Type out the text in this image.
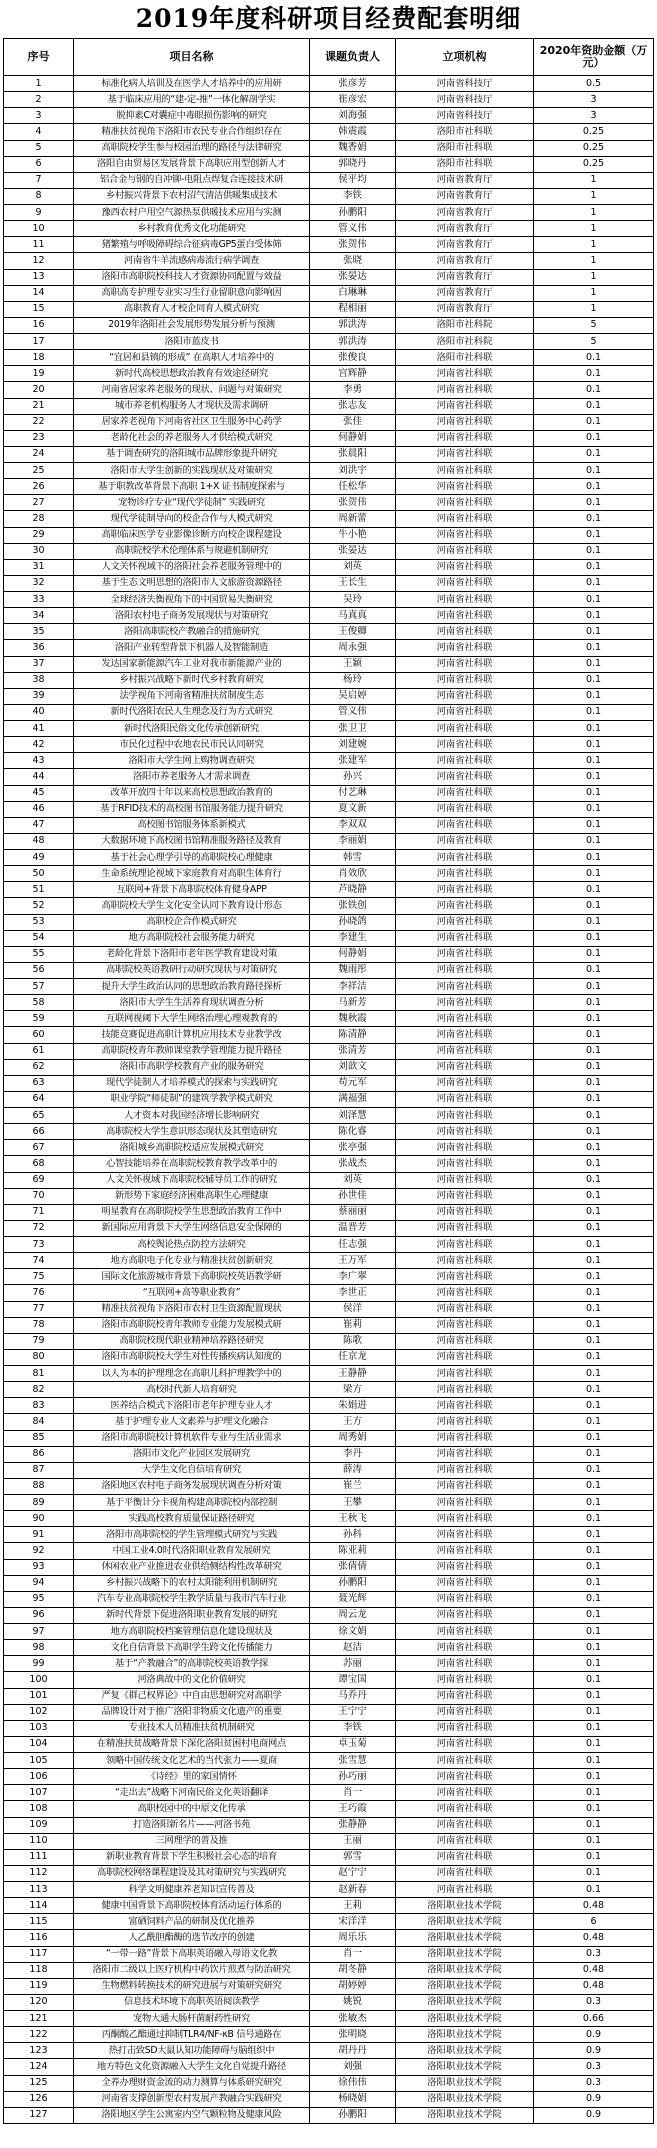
2019年度科研项目经费配套明细
序号	项目名称	课题负责人	立项机构	2020年资助金额（万元）
1	标准化病人培训及在医学人才培养中的应用研	张彦芳	河南省科技厅	0.5
2	基于临床应用的“建-定-推”一体化解剖学实	崔彦宏	河南省科技厅	3
3	脱抑素C对囊症中毒眼损伤影响的研究	刘海强	河南省科技厅	3
4	精准扶贫视角下洛阳市农民专业合作组织存在	韩震霞	洛阳市社科联	0.25
5	高职院校学生参与校园治理的路径与法律研究	魏香娟	洛阳市社科联	0.25
6	洛阳自由贸易区发展背景下高职应用型创新人才	郭晓丹	洛阳市社科联	0.25
7	铝合金与钢的自冲铆-电阻点焊复合连接技术研	侯平均	河南省教育厅	1
8	乡村振兴背景下农村沼气清洁供暖集成技术	李铁	河南省教育厅	1
9	豫西农村户用空气源热泵供暖技术应用与实测	孙鹏阳	河南省教育厅	1
10	乡村教育优秀文化功能研究	管义伟	河南省教育厅	1
11	猪繁殖与呼吸障碍综合征病毒GP5蛋白受体筛	张贺伟	河南省教育厅	1
12	河南省牛羊流感病毒流行病学调查	张晓	河南省教育厅	1
13	洛阳市高职院校科技人才资源协同配置与效益	张晏达	河南省教育厅	1
14	高职高专护理专业实习生行业留职意向影响因	白琳琳	河南省教育厅	1
15	高职教育人才校企同育人模式研究	程相丽	河南省教育厅	1
16	2019年洛阳社会发展形势发展分析与预测	郭洪涛	洛阳市社科院	5
17	洛阳市蓝皮书	郭洪涛	洛阳市社科院	5
18	“宜居和县镇的形成” 在高职人才培养中的	张俊良	洛阳市社科联	0.1
19	新时代高校思想政治教育有效途径研究	宫辉静	河南省社科联	0.1
20	河南省居家养老服务的现状、问题与对策研究	李勇	河南省社科联	0.1
21	城市养老机构服务人才现状及需求调研	张志友	河南省社科联	0.1
22	居家养老视角下河南省社区卫生服务中心药学	张佳	河南省社科联	0.1
23	老龄化社会的养老服务人才供给模式研究	何静娟	河南省社科联	0.1
24	基于调查研究的洛阳城市品牌形象提升研究	张晨阳	河南省社科联	0.1
25	洛阳市大学生创新的实践现状及对策研究	刘洪宇	河南省社科联	0.1
26	基于职教改革背景下高职 1+X 证书制度探索与	任松华	河南省社科联	0.1
27	宠物诊疗专业“现代学徒制” 实践研究	张贺伟	河南省社科联	0.1
28	现代学徒制导向的校企合作与人模式研究	周新蕾	河南省社科联	0.1
29	高职临床医学专业影像诊断方向校企课程建设	牛小艳	河南省社科联	0.1
30	高职院校学术伦理体系与规避机制研究	张晏达	河南省社科联	0.1
31	人文关怀视域下的洛阳社会养老服务管理中的	刘英	河南省社科联	0.1
32	基于生态文明思想的洛阳市人文旅游资源路径	王长生	河南省社科联	0.1
33	全球经济失衡视角下的中国贸易失衡研究	吴玲	河南省社科联	0.1
34	洛阳农村电子商务发展现状与对策研究	马真真	河南省社科联	0.1
35	洛阳高职院校产教融合的措施研究	王俊卿	河南省社科联	0.1
36	洛阳产业转型背景下机器人及智能制造	周永强	河南省社科联	0.1
37	发达国家新能源汽车工业对我市新能源产业的	王颖	河南省社科联	0.1
38	乡村振兴战略下新时代乡村教育研究	杨玲	河南省社科联	0.1
39	法学视角下河南省精准扶贫制度生态	吴启婷	河南省社科联	0.1
40	新时代洛阳农民人生理念及行为方式研究	管义伟	河南省社科联	0.1
41	新时代洛阳民俗文化传承创新研究	张卫卫	河南省社科联	0.1
42	市民化过程中农地农民市民认同研究	刘建婉	河南省社科联	0.1
43	洛阳市大学生网上购物调查研究	张建军	河南省社科联	0.1
44	洛阳市养老服务人才需求调查	孙兴	河南省社科联	0.1
45	改革开放四十年以来高校思想政治教育的	付艺琳	河南省社科联	0.1
46	基于RFID技术的高校图书馆服务能力提升研究	夏文新	河南省社科联	0.1
47	高校图书馆服务体系新模式	李双双	河南省社科联	0.1
48	大数据环境下高校图书馆精准服务路径及教育	李丽娟	河南省社科联	0.1
49	基于社会心理学引导的高职院校心理健康	韩雪	河南省社科联	0.1
50	生命系统理论视域下家庭教育对高职生体育行	肖效欣	河南省社科联	0.1
51	互联网+背景下高职院校体育健身APP	芦晓静	河南省社科联	0.1
52	高职院校大学生文化安全认同下教育设计形态	张铁创	河南省社科联	0.1
53	高职校企合作模式研究	孙晓鸽	河南省社科联	0.1
54	地方高职院校社会服务能力研究	李建生	河南省社科联	0.1
55	老龄化背景下洛阳市老年医学教育建设对策	何静娟	河南省社科联	0.1
56	高职院校英语教研行动研究现状与对策研究	魏雨彤	河南省社科联	0.1
57	提升大学生政治认同的思想政治教育路径探析	李祥洁	河南省社科联	0.1
58	洛阳市大学生生活养育现状调查分析	马新芳	河南省社科联	0.1
59	互联网视阈下大学生网络治理心理观教育的	魏秋霞	河南省社科联	0.1
60	技能竞赛促进高职计算机应用技术专业教学改	陈清静	河南省社科联	0.1
61	高职院校青年教师课堂教学管理能力提升路径	张清芳	河南省社科联	0.1
62	洛阳市高职学校教育产业的服务研究	刘歆文	河南省社科联	0.1
63	现代学徒制人才培养模式的探索与实践研究	苟元军	河南省社科联	0.1
64	职业学院“师徒制”的建筑学教学模式研究	满福强	河南省社科联	0.1
65	人才资本对我国经济增长影响研究	刘泽慧	河南省社科联	0.1
66	高职院校大学生意识形态现状及其塑造研究	陈化睿	河南省社科联	0.1
67	洛阳城乡高职院校适应发展模式研究	张亭强	河南省社科联	0.1
68	心智技能培养在高职院校教育教学改革中的	张战杰	河南省社科联	0.1
69	人文关怀视域下高职院校辅导员工作的研究	刘英	河南省社科联	0.1
70	新形势下家庭经济困难高职生心理健康	孙世佳	河南省社科联	0.1
71	明星教育在高职院校学生思想政治教育工作中	蔡丽丽	河南省社科联	0.1
72	新国际应用背景下大学生网络信息安全保障的	温晋芳	河南省社科联	0.1
73	高校舆论热点防控方法研究	任志强	河南省社科联	0.1
74	地方高职电子化专业与精准扶贫创新研究	王万军	河南省社科联	0.1
75	国际文化旅游城市背景下高职院校英语教学研	李广翠	河南省社科联	0.1
76	“互联网+高等职业教育”	李世正	河南省社科联	0.1
77	精准扶贫视角下洛阳市农村卫生资源配置现状	侯洋	河南省社科联	0.1
78	洛阳市高职院校青年教师专业能力发展模式研	崔莉	河南省社科联	0.1
79	高职院校现代职业精神培养路径研究	陈歌	河南省社科联	0.1
80	洛阳市高职院校大学生对性传播疾病认知度的	任京龙	河南省社科联	0.1
81	以人为本的护理理念在高职儿科护理教学中的	王静静	河南省社科联	0.1
82	高校时代新人培育研究	梁方	河南省社科联	0.1
83	医养结合模式下洛阳市老年护理专业人才	朱娟进	河南省社科联	0.1
84	基于护理专业人文素养与护理文化融合	王方	河南省社科联	0.1
85	洛阳市高职院校计算机软件专业与生活业需求	周秀娟	河南省社科联	0.1
86	洛阳市文化产业园区发展研究	李丹	河南省社科联	0.1
87	大学生文化自信培育研究	薛涛	河南省社科联	0.1
88	洛阳地区农村电子商务发展现状调查分析对策	崔兰	河南省社科联	0.1
89	基于平衡计分卡视角构建高职院校内部控制	王攀	河南省社科联	0.1
90	实践高校教育质量保证路径研究	王秋飞	河南省社科联	0.1
91	洛阳市高职院校的学生管理模式研究与实践	孙科	河南省社科联	0.1
92	中国工业4.0时代洛阳职业教育发展研究	陈亚莉	河南省社科联	0.1
93	休闲农业产业推进农业供给侧结构性改革研究	张倩倩	河南省社科联	0.1
94	乡村振兴战略下的农村太阳能利用机制研究	孙鹏阳	河南省社科联	0.1
95	汽车专业高职院校学生教学质量与我市汽车行业	聂光辉	河南省社科联	0.1
96	新时代背景下促进洛阳职业教育发展的研究	周云龙	河南省社科联	0.1
97	地方高职院校档案管理信息化建设现状及	徐文娟	河南省社科联	0.1
98	文化自信背景下高职学生跨文化传播能力	赵洁	河南省社科联	0.1
99	基于“产教融合”的高职院校英语教学探	苏丽	河南省社科联	0.1
100	河洛典故中的文化价值研究	谭宝国	河南省社科联	0.1
101	严复《群己权界论》中自由思想研究对高职学	马乔丹	河南省社科联	0.1
102	品牌设计对于推广洛阳非物质文化遗产的重要	王宁宁	河南省社科联	0.1
103	专业技术人员精准扶贫机制研究	李铁	河南省社科联	0.1
104	在精准扶贫战略背景下深化洛阳贫困村电商网点	卓玉菊	河南省社科联	0.1
105	领略中国传统文化艺术的当代张力——夏商	张雪慧	河南省社科联	0.1
106	《诗经》里的家国情怀	孙巧丽	河南省社科联	0.1
107	“走出去”战略下河南民俗文化英语翻译	肖一	河南省社科联	0.1
108	高职校园中的中原文化传承	王巧霞	河南省社科联	0.1
109	打造洛阳新名片——河洛书苑	张静静	河南省社科联	0.1
110	三网理学的普及推	王丽	河南省社科联	0.1
111	新职业教育背景下学生积极社会心态的培育	郭雪	河南省社科联	0.1
112	高职院校网络课程建设及其对策研究与实践研究	赵宁宁	河南省社科联	0.1
113	科学文明健康养老知识宣传普及	赵新春	河南省社科联	0.1
114	健康中国背景下高职院校体育活动运行体系的	王莉	洛阳职业技术学院	0.48
115	富硒饲料产品的研制及优化推养	宋洋洋	洛阳职业技术学院	6
116	人乙酰胆酯酶的选节改序的创建	周乐乐	洛阳职业技术学院	0.48
117	“一带一路”背景下高职英语融入母语文化教	肖一	洛阳职业技术学院	0.3
118	洛阳市二级以上医疗机构中药饮片煎煮与防治研究	胡冬静	洛阳职业技术学院	0.48
119	生物燃料转换技术的研究进展与对策研究研究	胡婷婷	洛阳职业技术学院	0.48
120	信息技术环境下高职英语阅读教学	姚锐	洛阳职业技术学院	0.3
121	宠物大通大肠杆菌耐药性研究	张敏杰	洛阳职业技术学院	0.66
122	丙酮酸乙酯通过抑制TLR4/NF-κB 信号通路在	张明晓	洛阳职业技术学院	0.9
123	热打击致SD大鼠认知功能障碍与脑组织中	胡丹丹	洛阳职业技术学院	0.9
124	地方特色文化资源融入大学生文化自觉提升路径	刘强	洛阳职业技术学院	0.3
125	全养办理财资金流的动力测算与体系研究研究	徐伟伟	洛阳职业技术学院	0.3
126	河南省支撑创新型农村发展产教融合实践研究	杨晓娟	洛阳职业技术学院	0.9
127	洛阳地区学生公寓室内空气颗粒物及健康风险	孙鹏阳	洛阳职业技术学院	0.9
